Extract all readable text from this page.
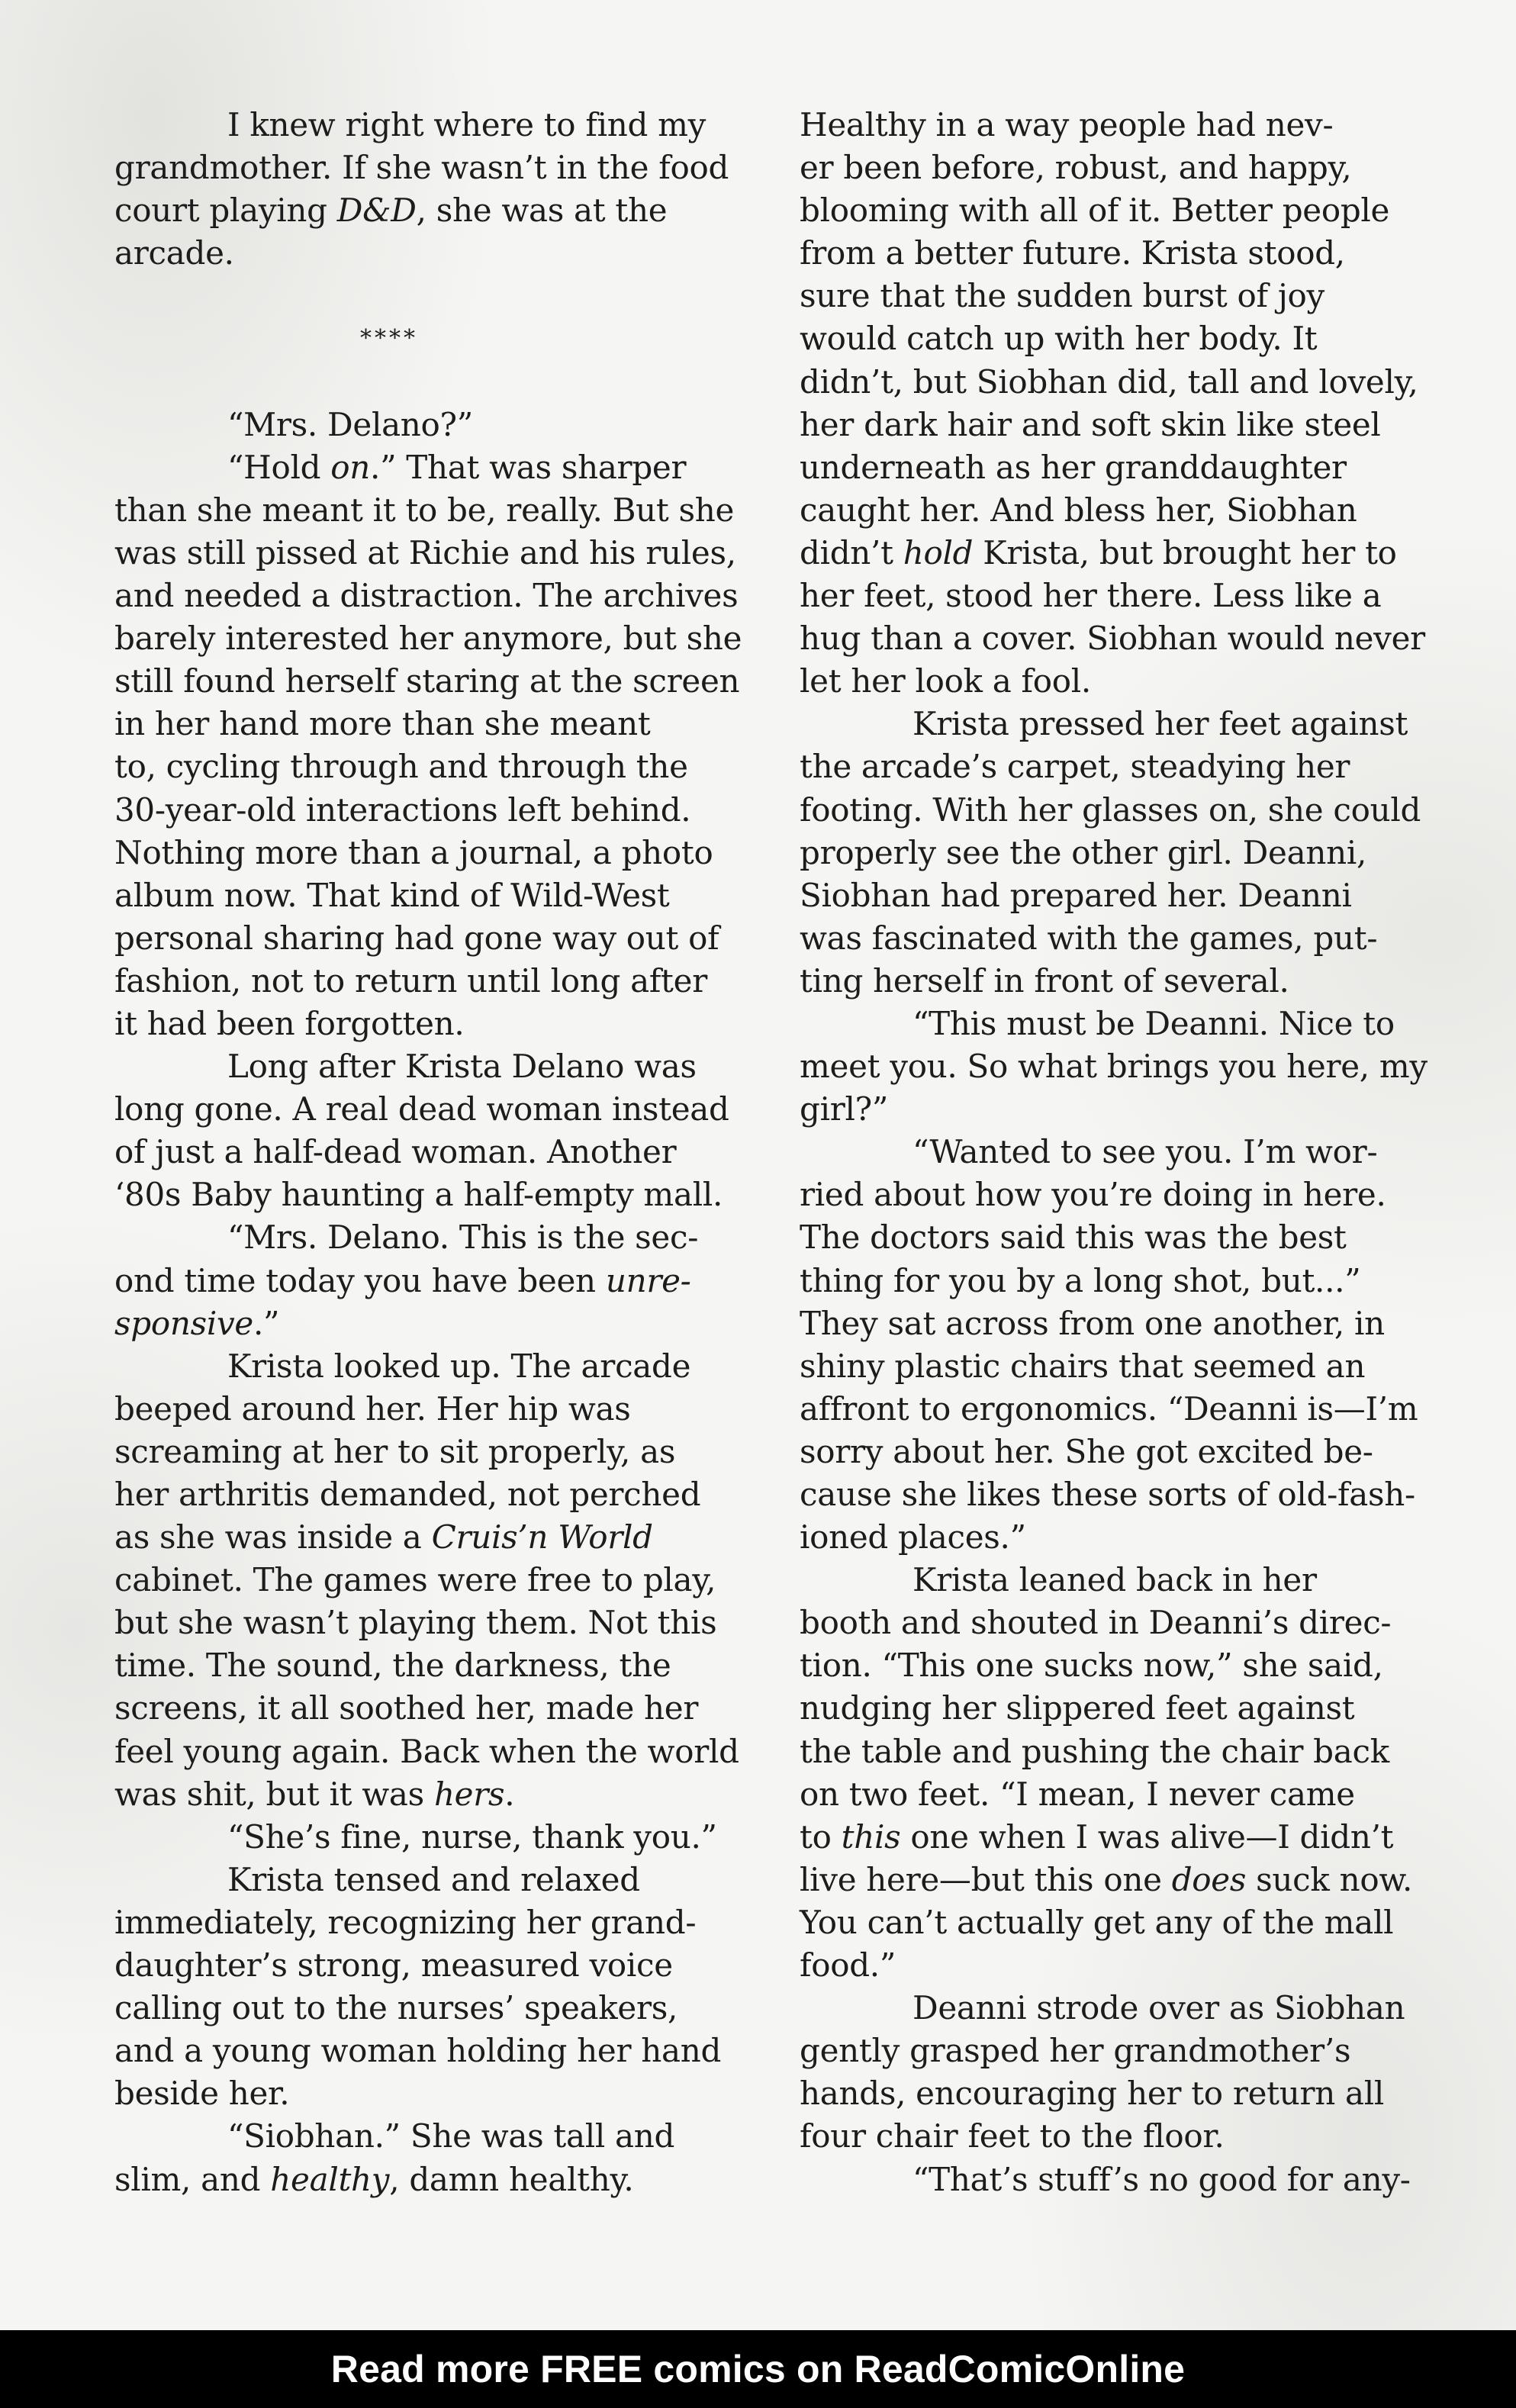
I knew right where to find my
grandmother. If she wasn’t in the food
court playing D&D, she was at the
arcade.
****
“Mrs. Delano?”
“Hold on.” That was sharper
than she meant it to be, really. But she
was still pissed at Richie and his rules,
and needed a distraction. The archives
barely interested her anymore, but she
still found herself staring at the screen
in her hand more than she meant
to, cycling through and through the
30-year-old interactions left behind.
Nothing more than a journal, a photo
album now. That kind of Wild-West
personal sharing had gone way out of
fashion, not to return until long after
it had been forgotten.
Long after Krista Delano was
long gone. A real dead woman instead
of just a half-dead woman. Another
‘80s Baby haunting a half-empty mall.
“Mrs. Delano. This is the sec-
ond time today you have been unre-
sponsive.”
Krista looked up. The arcade
beeped around her. Her hip was
screaming at her to sit properly, as
her arthritis demanded, not perched
as she was inside a Cruis’n World
cabinet. The games were free to play,
but she wasn’t playing them. Not this
time. The sound, the darkness, the
screens, it all soothed her, made her
feel young again. Back when the world
was shit, but it was hers.
“She’s fine, nurse, thank you.”
Krista tensed and relaxed
immediately, recognizing her grand-
daughter’s strong, measured voice
calling out to the nurses’ speakers,
and a young woman holding her hand
beside her.
“Siobhan.” She was tall and
slim, and healthy, damn healthy.
Healthy in a way people had nev-
er been before, robust, and happy,
blooming with all of it. Better people
from a better future. Krista stood,
sure that the sudden burst of joy
would catch up with her body. It
didn’t, but Siobhan did, tall and lovely,
her dark hair and soft skin like steel
underneath as her granddaughter
caught her. And bless her, Siobhan
didn’t hold Krista, but brought her to
her feet, stood her there. Less like a
hug than a cover. Siobhan would never
let her look a fool.
Krista pressed her feet against
the arcade’s carpet, steadying her
footing. With her glasses on, she could
properly see the other girl. Deanni,
Siobhan had prepared her. Deanni
was fascinated with the games, put-
ting herself in front of several.
“This must be Deanni. Nice to
meet you. So what brings you here, my
girl?”
“Wanted to see you. I’m wor-
ried about how you’re doing in here.
The doctors said this was the best
thing for you by a long shot, but...”
They sat across from one another, in
shiny plastic chairs that seemed an
affront to ergonomics. “Deanni is—I’m
sorry about her. She got excited be-
cause she likes these sorts of old-fash-
ioned places.”
Krista leaned back in her
booth and shouted in Deanni’s direc-
tion. “This one sucks now,” she said,
nudging her slippered feet against
the table and pushing the chair back
on two feet. “I mean, I never came
to this one when I was alive—I didn’t
live here—but this one does suck now.
You can’t actually get any of the mall
food.”
Deanni strode over as Siobhan
gently grasped her grandmother’s
hands, encouraging her to return all
four chair feet to the floor.
“That’s stuff’s no good for any-
Read more FREE comics on ReadComicOnline
